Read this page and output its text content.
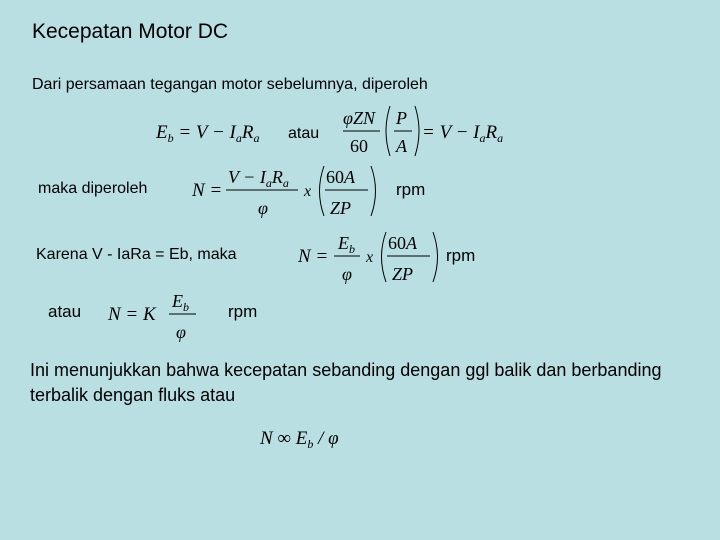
Kecepatan Motor DC
Dari persamaan tegangan motor sebelumnya, diperoleh
$E_b = V - I_aR_a$ atau
φZN
60
P
A
= $V - I_aR_a$
maka diperoleh N =
$V - I_aR_a$
φ
x
60A
ZP
rpm
Karena V - IaRa = Eb, maka	N =
$E_b$
φ
x
60A
ZP
rpm
atau N = K
$E_b$
φ
rpm
Ini menunjukkan bahwa kecepatan sebanding dengan ggl balik dan berbanding terbalik dengan fluks atau
N ∞ $E_b$ / φ
